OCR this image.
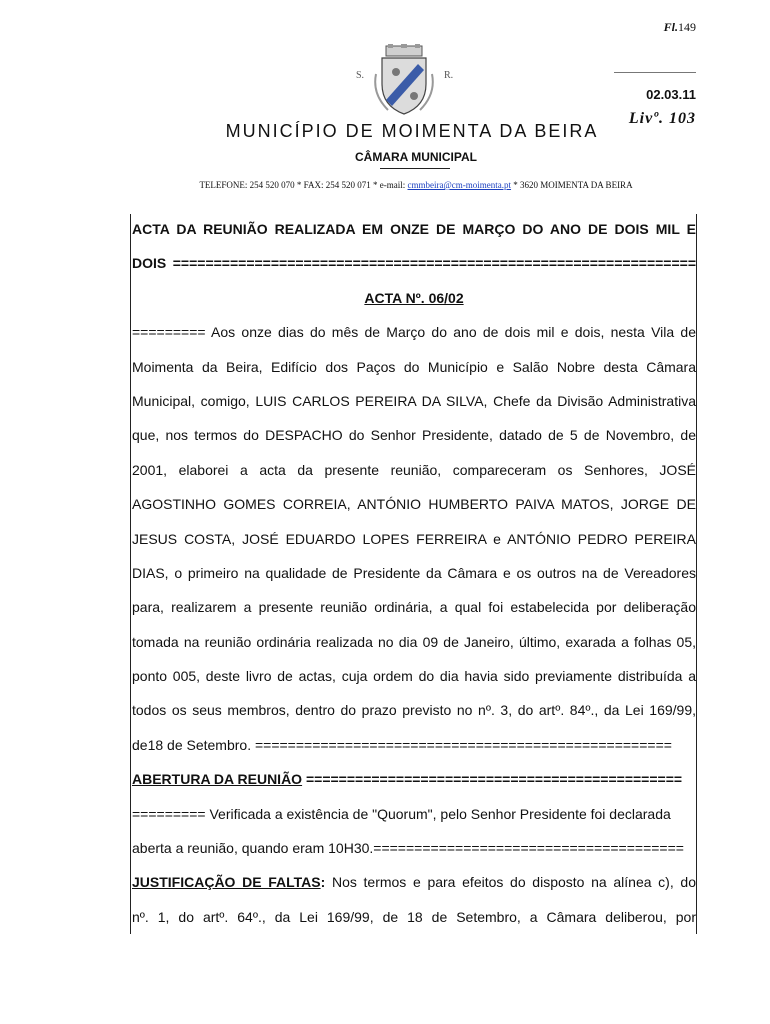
S.	R.
Fl.149
02.03.11
Livº. 103
MUNICÍPIO DE MOIMENTA DA BEIRA
CÂMARA MUNICIPAL
TELEFONE: 254 520 070 * FAX: 254 520 071 * e-mail: cmmbeira@cm-moimenta.pt * 3620 MOIMENTA DA BEIRA
ACTA DA REUNIÃO REALIZADA EM ONZE DE MARÇO DO ANO DE DOIS MIL E
DOIS ================================================================
ACTA Nº. 06/02
========= Aos onze dias do mês de Março do ano de dois mil e dois, nesta Vila de
Moimenta da Beira, Edifício dos Paços do Município e Salão Nobre desta Câmara
Municipal, comigo, LUIS CARLOS PEREIRA DA SILVA, Chefe da Divisão Administrativa
que, nos termos do DESPACHO do Senhor Presidente, datado de 5 de Novembro, de
2001, elaborei a acta da presente reunião, compareceram os Senhores, JOSÉ
AGOSTINHO GOMES CORREIA, ANTÓNIO HUMBERTO PAIVA MATOS, JORGE DE
JESUS COSTA, JOSÉ EDUARDO LOPES FERREIRA e ANTÓNIO PEDRO PEREIRA
DIAS, o primeiro na qualidade de Presidente da Câmara e os outros na de Vereadores
para, realizarem a presente reunião ordinária, a qual foi estabelecida por deliberação
tomada na reunião ordinária realizada no dia 09 de Janeiro, último, exarada a folhas 05,
ponto 005, deste livro de actas, cuja ordem do dia havia sido previamente distribuída a
todos os seus membros, dentro do prazo previsto no nº. 3, do artº. 84º., da Lei 169/99,
de18 de Setembro. ===================================================
ABERTURA DA REUNIÃO ==============================================
========= Verificada a existência de "Quorum", pelo Senhor Presidente foi declarada
aberta a reunião, quando eram 10H30.======================================
JUSTIFICAÇÃO DE FALTAS: Nos termos e para efeitos do disposto na alínea c), do
nº. 1, do artº. 64º., da Lei 169/99, de 18 de Setembro, a Câmara deliberou, por
